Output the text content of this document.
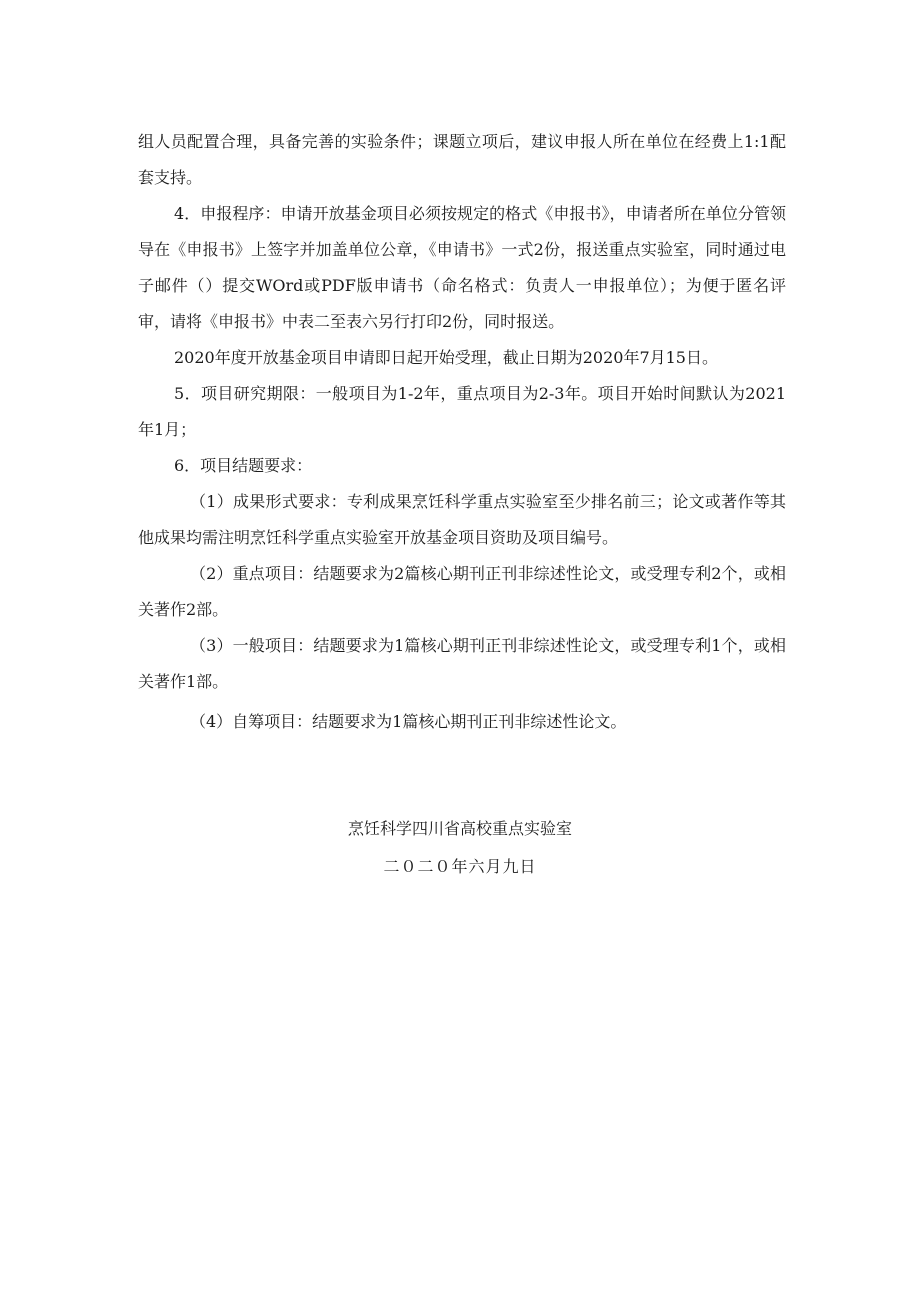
组人员配置合理，具备完善的实验条件；课题立项后，建议申报人所在单位在经费上1:1配套支持。

4．申报程序：申请开放基金项目必须按规定的格式《申报书》，申请者所在单位分管领导在《申报书》上签字并加盖单位公章，《申请书》一式2份，报送重点实验室，同时通过电子邮件（）提交WOrd或PDF版申请书（命名格式：负责人一申报单位）；为便于匿名评审，请将《申报书》中表二至表六另行打印2份，同时报送。

2020年度开放基金项目申请即日起开始受理，截止日期为2020年7月15日。

5．项目研究期限：一般项目为1-2年，重点项目为2-3年。项目开始时间默认为2021年1月；

6．项目结题要求：

（1）成果形式要求：专利成果烹饪科学重点实验室至少排名前三；论文或著作等其他成果均需注明烹饪科学重点实验室开放基金项目资助及项目编号。

（2）重点项目：结题要求为2篇核心期刊正刊非综述性论文，或受理专利2个，或相关著作2部。

（3）一般项目：结题要求为1篇核心期刊正刊非综述性论文，或受理专利1个，或相关著作1部。

（4）自筹项目：结题要求为1篇核心期刊正刊非综述性论文。

烹饪科学四川省高校重点实验室
二０二０年六月九日
